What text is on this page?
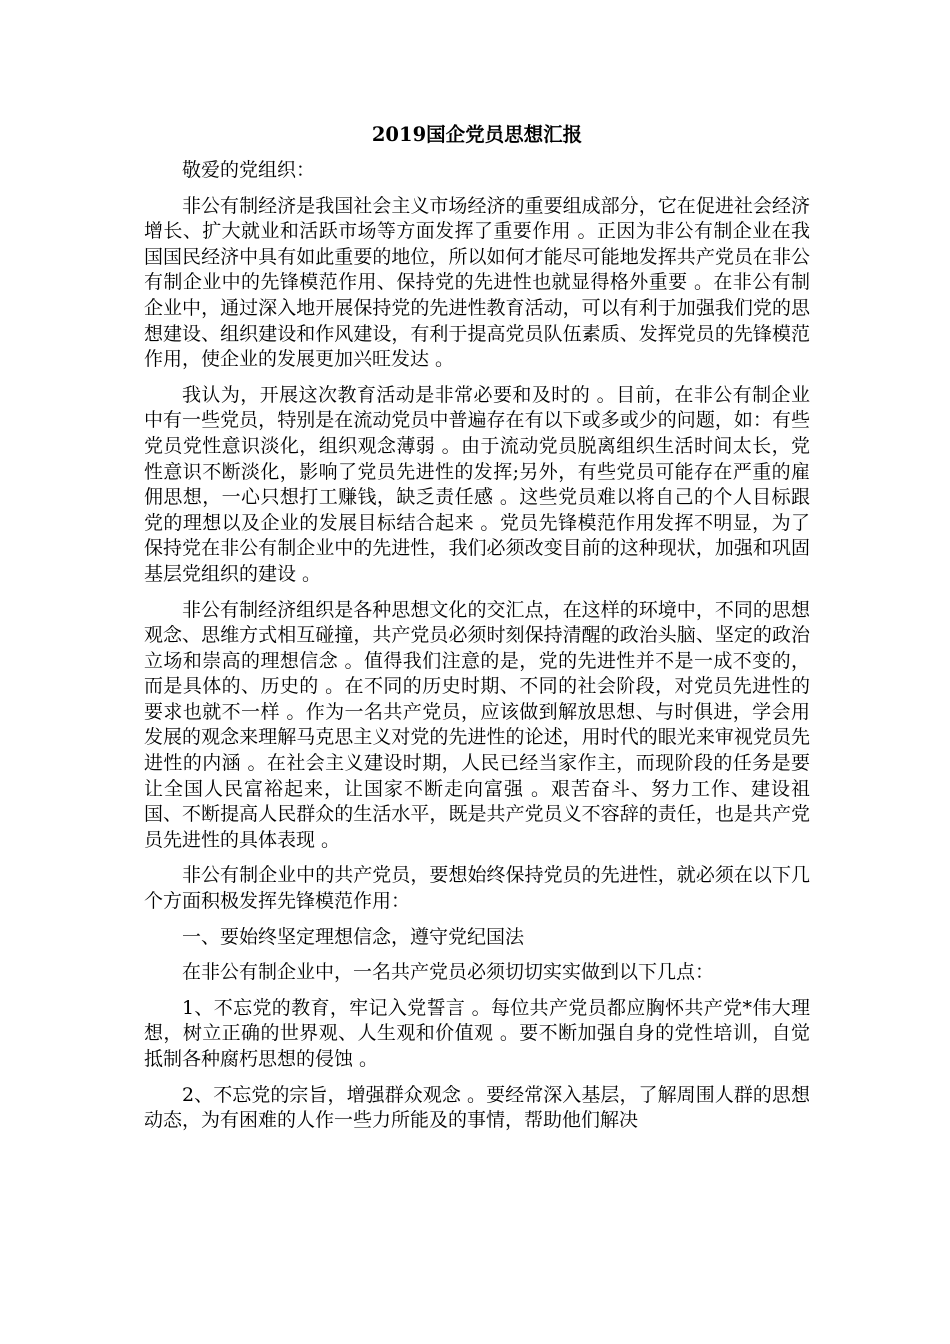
2019国企党员思想汇报

敬爱的党组织：

非公有制经济是我国社会主义市场经济的重要组成部分，它在促进社会经济增长、扩大就业和活跃市场等方面发挥了重要作用 。正因为非公有制企业在我国国民经济中具有如此重要的地位，所以如何才能尽可能地发挥共产党员在非公有制企业中的先锋模范作用、保持党的先进性也就显得格外重要 。在非公有制企业中，通过深入地开展保持党的先进性教育活动，可以有利于加强我们党的思想建设、组织建设和作风建设，有利于提高党员队伍素质、发挥党员的先锋模范作用，使企业的发展更加兴旺发达 。

我认为，开展这次教育活动是非常必要和及时的 。目前，在非公有制企业中有一些党员，特别是在流动党员中普遍存在有以下或多或少的问题，如：有些党员党性意识淡化，组织观念薄弱 。由于流动党员脱离组织生活时间太长，党性意识不断淡化，影响了党员先进性的发挥;另外，有些党员可能存在严重的雇佣思想，一心只想打工赚钱，缺乏责任感 。这些党员难以将自己的个人目标跟党的理想以及企业的发展目标结合起来 。党员先锋模范作用发挥不明显，为了保持党在非公有制企业中的先进性，我们必须改变目前的这种现状，加强和巩固基层党组织的建设 。

非公有制经济组织是各种思想文化的交汇点，在这样的环境中，不同的思想观念、思维方式相互碰撞，共产党员必须时刻保持清醒的政治头脑、坚定的政治立场和崇高的理想信念 。值得我们注意的是，党的先进性并不是一成不变的，而是具体的、历史的 。在不同的历史时期、不同的社会阶段，对党员先进性的要求也就不一样 。作为一名共产党员，应该做到解放思想、与时俱进，学会用发展的观念来理解马克思主义对党的先进性的论述，用时代的眼光来审视党员先进性的内涵 。在社会主义建设时期，人民已经当家作主，而现阶段的任务是要让全国人民富裕起来，让国家不断走向富强 。艰苦奋斗、努力工作、建设祖国、不断提高人民群众的生活水平，既是共产党员义不容辞的责任，也是共产党员先进性的具体表现 。

非公有制企业中的共产党员，要想始终保持党员的先进性，就必须在以下几个方面积极发挥先锋模范作用：

一、要始终坚定理想信念，遵守党纪国法

在非公有制企业中，一名共产党员必须切切实实做到以下几点：

1、不忘党的教育，牢记入党誓言 。每位共产党员都应胸怀共产党*伟大理想，树立正确的世界观、人生观和价值观 。要不断加强自身的党性培训，自觉抵制各种腐朽思想的侵蚀 。

2、不忘党的宗旨，增强群众观念 。要经常深入基层，了解周围人群的思想动态，为有困难的人作一些力所能及的事情，帮助他们解决
